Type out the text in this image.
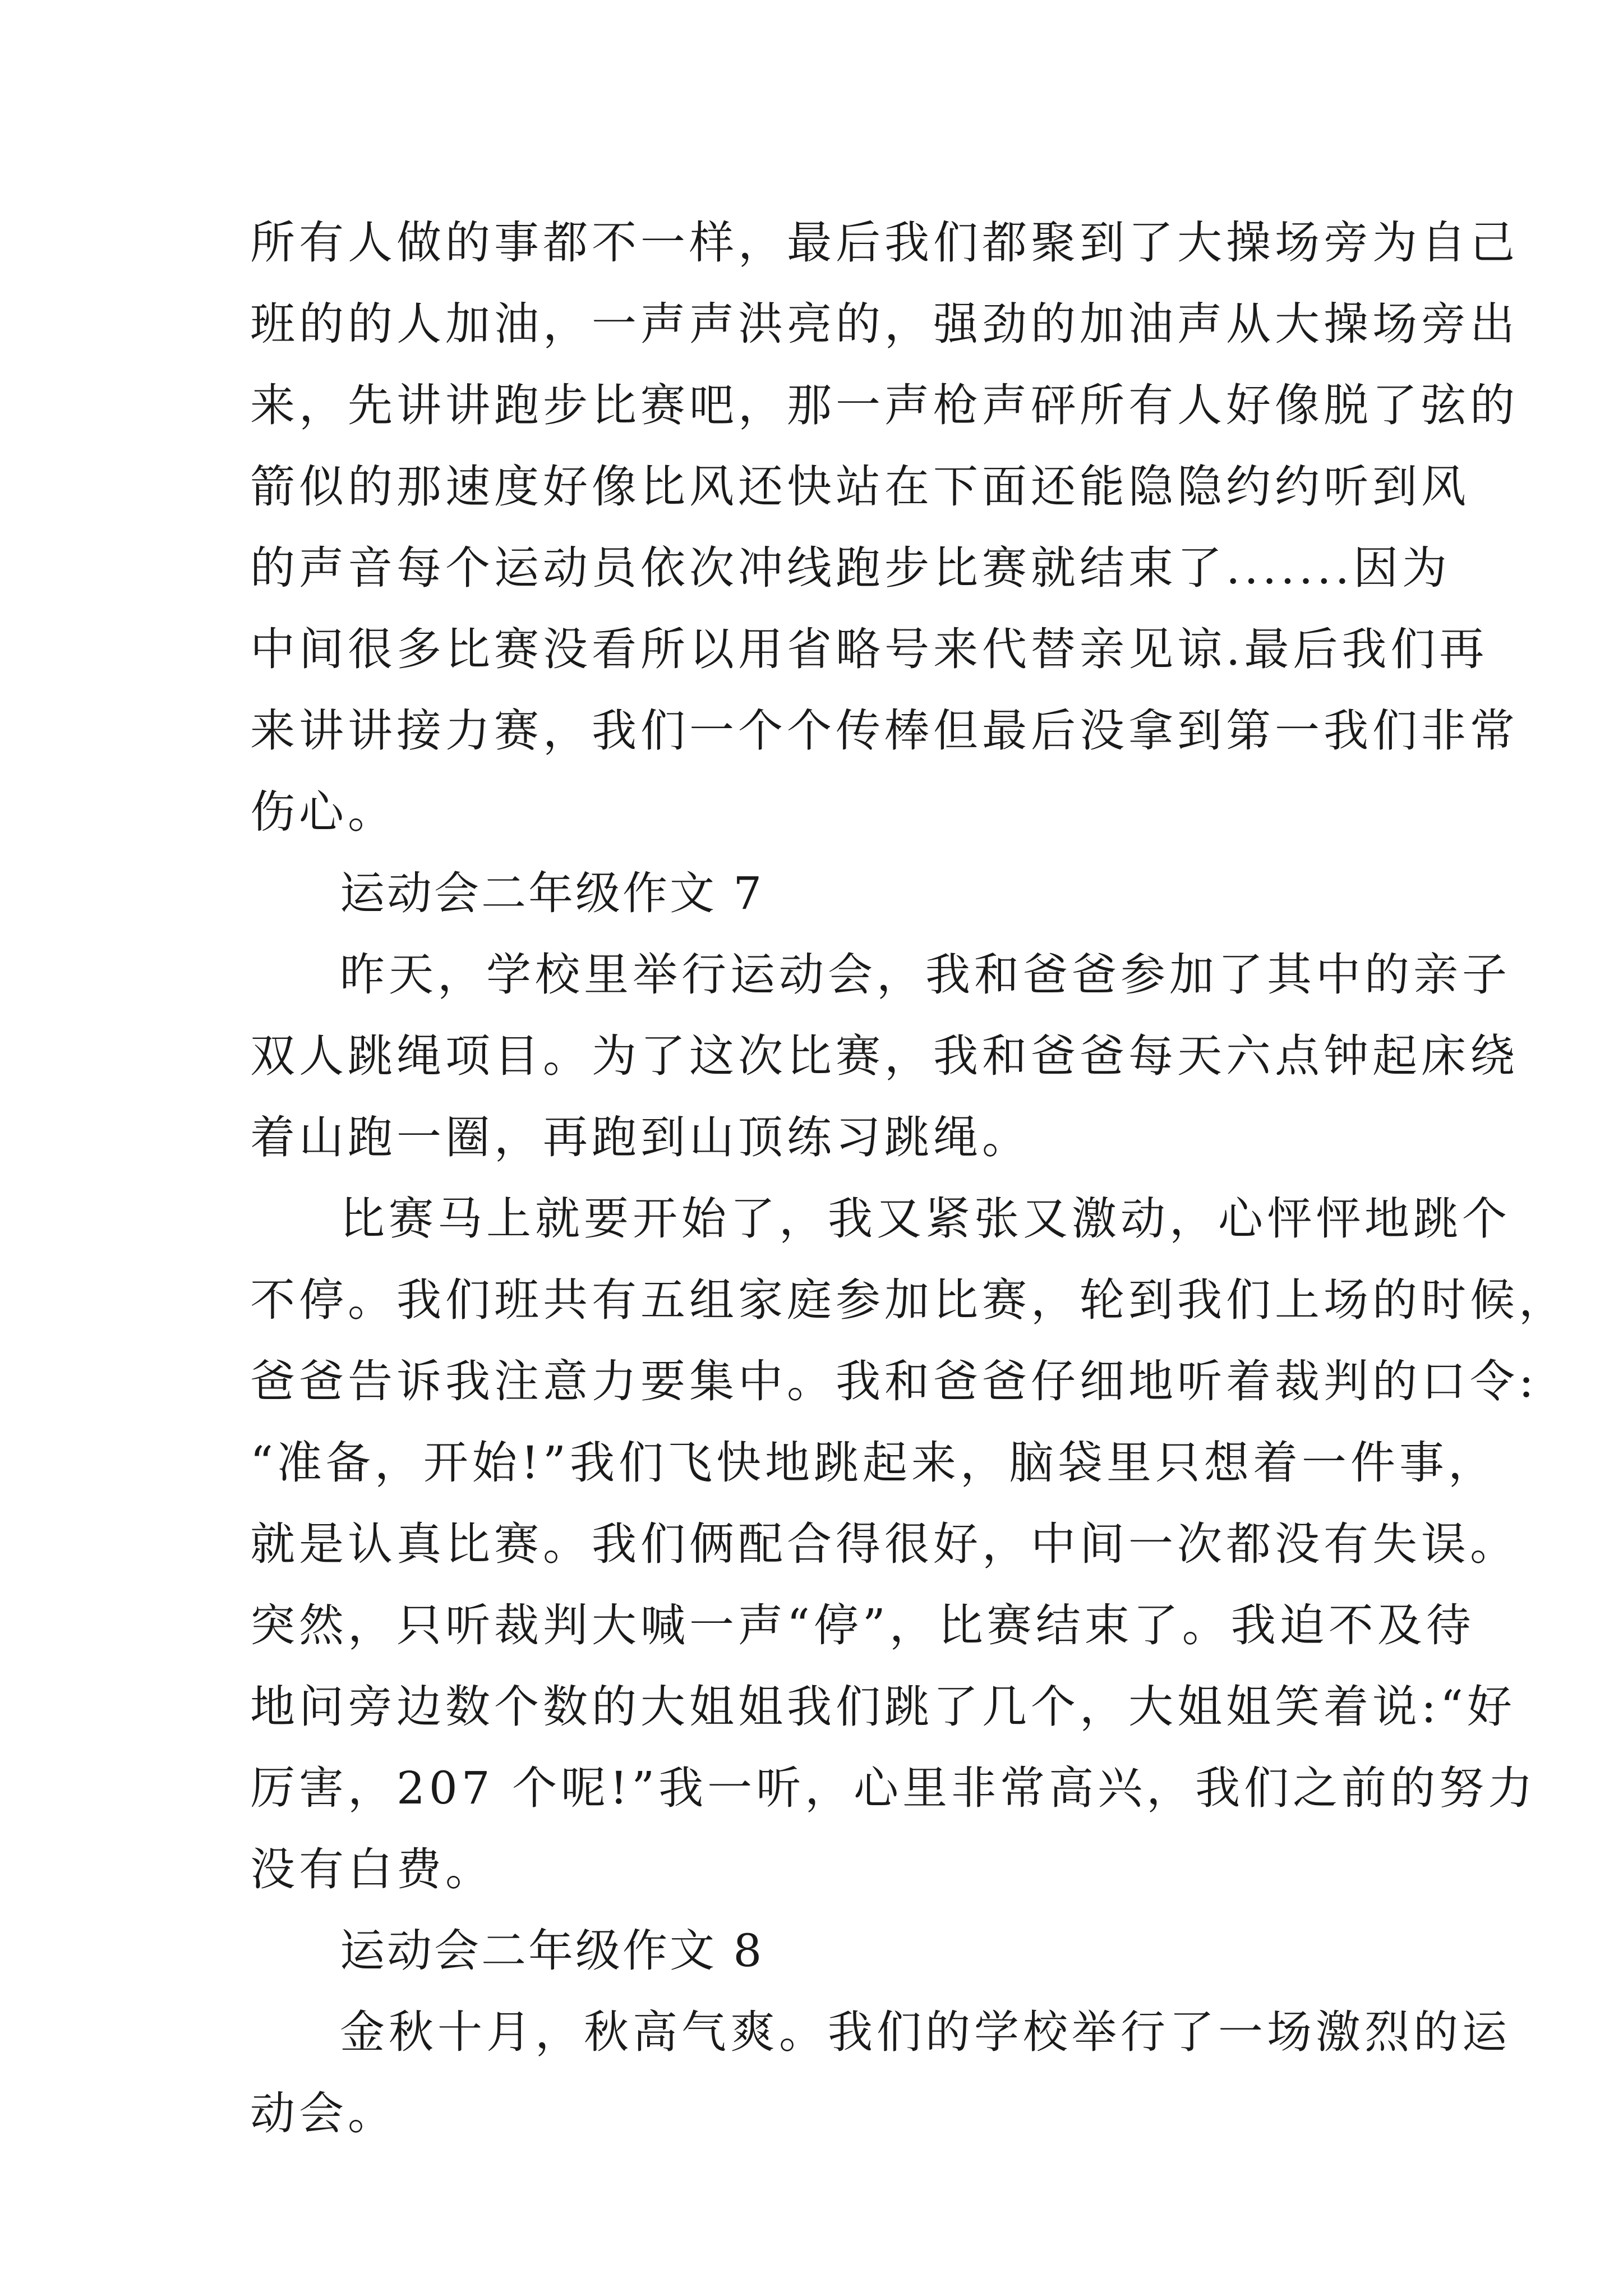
所有人做的事都不一样，最后我们都聚到了大操场旁为自己
班的的人加油，一声声洪亮的，强劲的加油声从大操场旁出
来，先讲讲跑步比赛吧，那一声枪声砰所有人好像脱了弦的
箭似的那速度好像比风还快站在下面还能隐隐约约听到风
的声音每个运动员依次冲线跑步比赛就结束了.......因为
中间很多比赛没看所以用省略号来代替亲见谅.最后我们再
来讲讲接力赛，我们一个个传棒但最后没拿到第一我们非常
伤心。
运动会二年级作文 7
昨天，学校里举行运动会，我和爸爸参加了其中的亲子
双人跳绳项目。为了这次比赛，我和爸爸每天六点钟起床绕
着山跑一圈，再跑到山顶练习跳绳。
比赛马上就要开始了，我又紧张又激动，心怦怦地跳个
不停。我们班共有五组家庭参加比赛，轮到我们上场的时候，
爸爸告诉我注意力要集中。我和爸爸仔细地听着裁判的口令:
“准备，开始!”我们飞快地跳起来，脑袋里只想着一件事，
就是认真比赛。我们俩配合得很好，中间一次都没有失误。
突然，只听裁判大喊一声“停”，比赛结束了。我迫不及待
地问旁边数个数的大姐姐我们跳了几个，大姐姐笑着说:“好
厉害，207 个呢!”我一听，心里非常高兴，我们之前的努力
没有白费。
运动会二年级作文 8
金秋十月，秋高气爽。我们的学校举行了一场激烈的运
动会。
